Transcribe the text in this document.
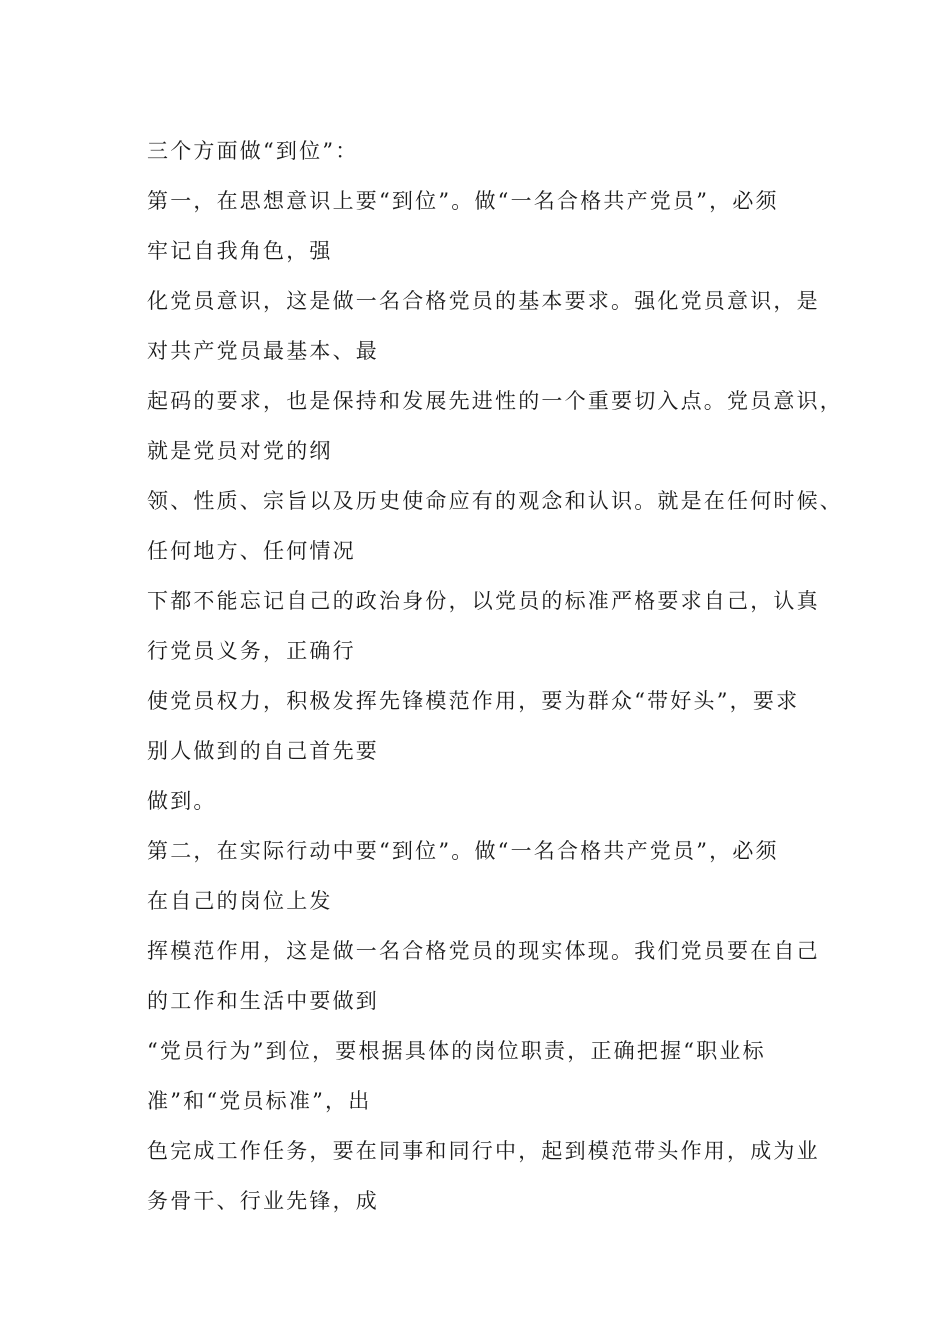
三个方面做“到位”：

第一，在思想意识上要“到位”。做“一名合格共产党员”，必须

牢记自我角色，强

化党员意识，这是做一名合格党员的基本要求。强化党员意识，是

对共产党员最基本、最

起码的要求，也是保持和发展先进性的一个重要切入点。党员意识，

就是党员对党的纲

领、性质、宗旨以及历史使命应有的观念和认识。就是在任何时候、

任何地方、任何情况

下都不能忘记自己的政治身份，以党员的标准严格要求自己，认真

行党员义务，正确行

使党员权力，积极发挥先锋模范作用，要为群众“带好头”，要求

别人做到的自己首先要

做到。

第二，在实际行动中要“到位”。做“一名合格共产党员”，必须

在自己的岗位上发

挥模范作用，这是做一名合格党员的现实体现。我们党员要在自己

的工作和生活中要做到

“党员行为”到位，要根据具体的岗位职责，正确把握“职业标

准”和“党员标准”，出

色完成工作任务，要在同事和同行中，起到模范带头作用，成为业

务骨干、行业先锋，成
